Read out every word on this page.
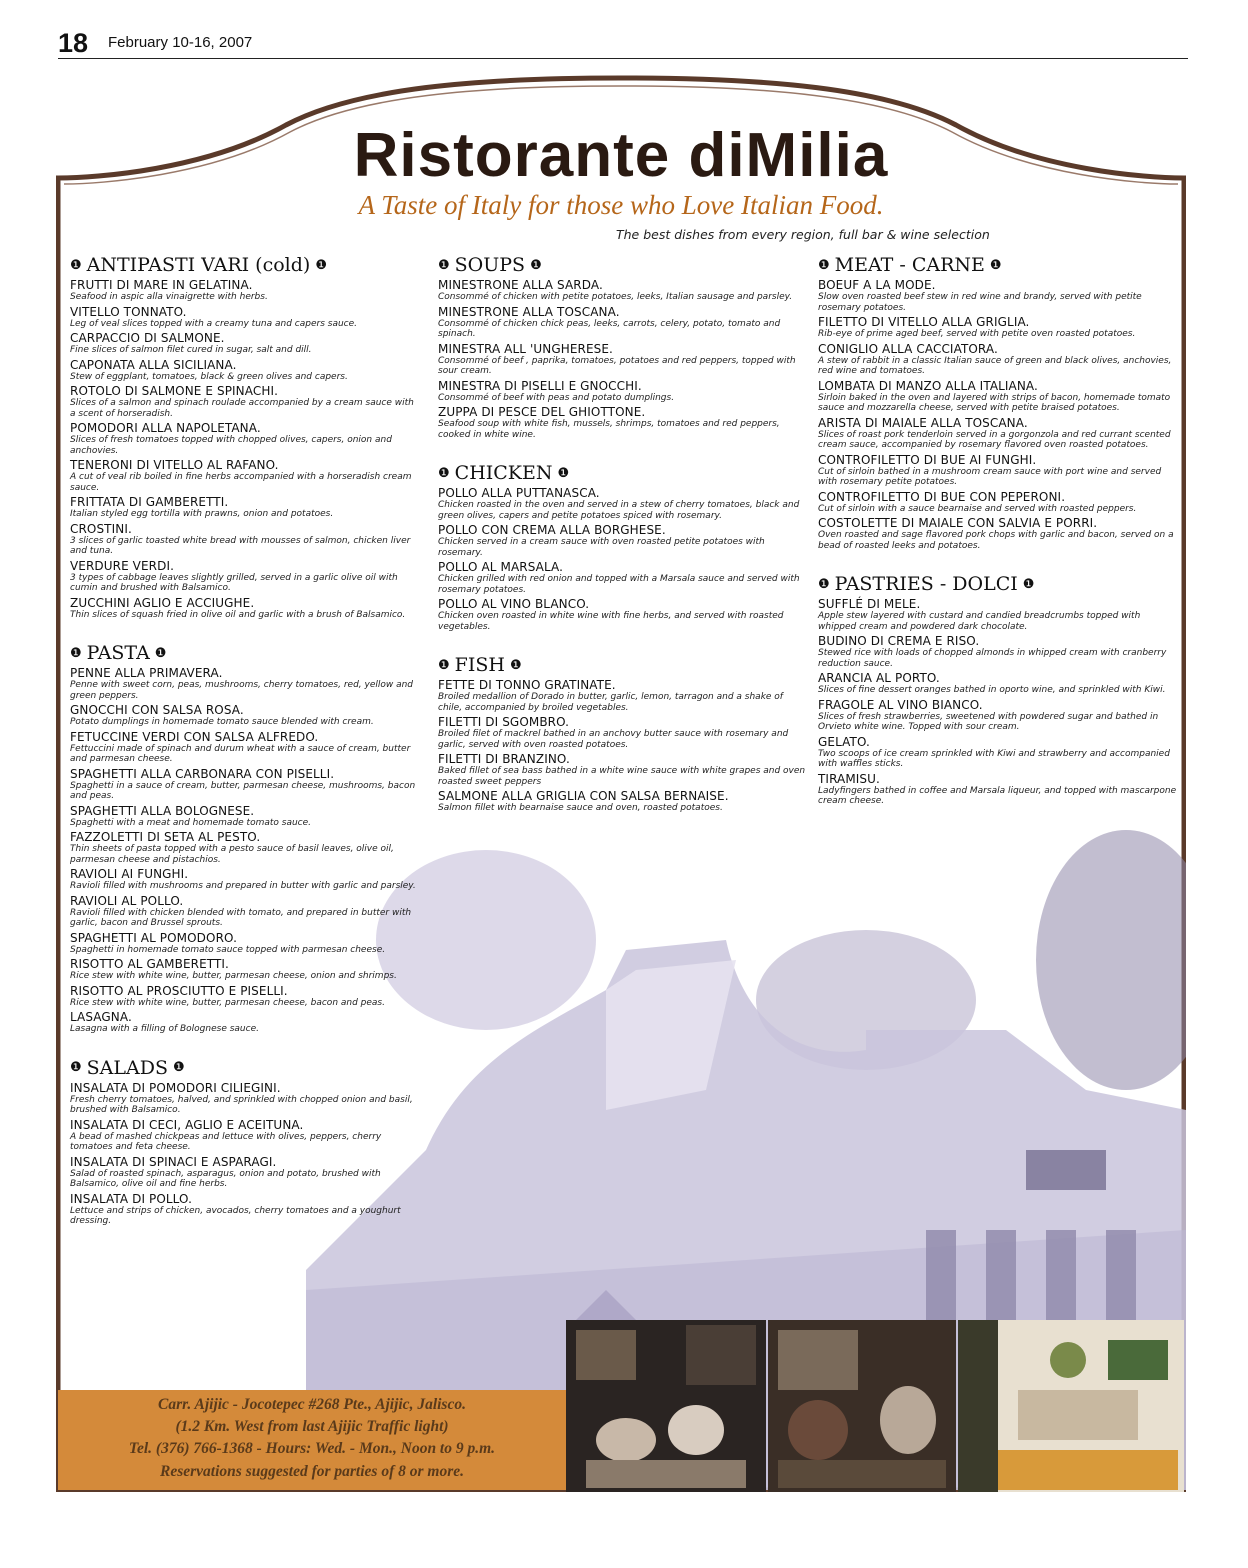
18 February 10-16, 2007
Ristorante diMilia
A Taste of Italy for those who Love Italian Food.
The best dishes from every region, full bar & wine selection
❶ ANTIPASTI VARI (cold) ❶
FRUTTI DI MARE IN GELATINA.
Seafood in aspic alla vinaigrette with herbs.
VITELLO TONNATO.
Leg of veal slices topped with a creamy tuna and capers sauce.
CARPACCIO DI SALMONE.
Fine slices of salmon filet cured in sugar, salt and dill.
CAPONATA ALLA SICILIANA.
Stew of eggplant, tomatoes, black & green olives and capers.
ROTOLO DI SALMONE E SPINACHI.
Slices of a salmon and spinach roulade accompanied by a cream sauce with a scent of horseradish.
POMODORI ALLA NAPOLETANA.
Slices of fresh tomatoes topped with chopped olives, capers, onion and anchovies.
TENERONI DI VITELLO AL RAFANO.
A cut of veal rib boiled in fine herbs accompanied with a horseradish cream sauce.
FRITTATA DI GAMBERETTI.
Italian styled egg tortilla with prawns, onion and potatoes.
CROSTINI.
3 slices of garlic toasted white bread with mousses of salmon, chicken liver and tuna.
VERDURE VERDI.
3 types of cabbage leaves slightly grilled, served in a garlic olive oil with cumin and brushed with Balsamico.
ZUCCHINI AGLIO E ACCIUGHE.
Thin slices of squash fried in olive oil and garlic with a brush of Balsamico.
❶ PASTA ❶
PENNE ALLA PRIMAVERA.
Penne with sweet corn, peas, mushrooms, cherry tomatoes, red, yellow and green peppers.
GNOCCHI CON SALSA ROSA.
Potato dumplings in homemade tomato sauce blended with cream.
FETUCCINE VERDI CON SALSA ALFREDO.
Fettuccini made of spinach and durum wheat with a sauce of cream, butter and parmesan cheese.
SPAGHETTI ALLA CARBONARA CON PISELLI.
Spaghetti in a sauce of cream, butter, parmesan cheese, mushrooms, bacon and peas.
SPAGHETTI ALLA BOLOGNESE.
Spaghetti with a meat and homemade tomato sauce.
FAZZOLETTI DI SETA AL PESTO.
Thin sheets of pasta topped with a pesto sauce of basil leaves, olive oil, parmesan cheese and pistachios.
RAVIOLI AI FUNGHI.
Ravioli filled with mushrooms and prepared in butter with garlic and parsley.
RAVIOLI AL POLLO.
Ravioli filled with chicken blended with tomato, and prepared in butter with garlic, bacon and Brussel sprouts.
SPAGHETTI AL POMODORO.
Spaghetti in homemade tomato sauce topped with parmesan cheese.
RISOTTO AL GAMBERETTI.
Rice stew with white wine, butter, parmesan cheese, onion and shrimps.
RISOTTO AL PROSCIUTTO E PISELLI.
Rice stew with white wine, butter, parmesan cheese, bacon and peas.
LASAGNA.
Lasagna with a filling of Bolognese sauce.
❶ SALADS ❶
INSALATA DI POMODORI CILIEGINI.
Fresh cherry tomatoes, halved, and sprinkled with chopped onion and basil, brushed with Balsamico.
INSALATA DI CECI, AGLIO E ACEITUNA.
A bead of mashed chickpeas and lettuce with olives, peppers, cherry tomatoes and feta cheese.
INSALATA DI SPINACI E ASPARAGI.
Salad of roasted spinach, asparagus, onion and potato, brushed with Balsamico, olive oil and fine herbs.
INSALATA DI POLLO.
Lettuce and strips of chicken, avocados, cherry tomatoes and a youghurt dressing.
❶ SOUPS ❶
MINESTRONE ALLA SARDA.
Consommé of chicken with petite potatoes, leeks, Italian sausage and parsley.
MINESTRONE ALLA TOSCANA.
Consommé of chicken chick peas, leeks, carrots, celery, potato, tomato and spinach.
MINESTRA ALL 'UNGHERESE.
Consommé of beef , paprika, tomatoes, potatoes and red peppers, topped with sour cream.
MINESTRA DI PISELLI E GNOCCHI.
Consommé of beef with peas and potato dumplings.
ZUPPA DI PESCE DEL GHIOTTONE.
Seafood soup with white fish, mussels, shrimps, tomatoes and red peppers, cooked in white wine.
❶ CHICKEN ❶
POLLO ALLA PUTTANASCA.
Chicken roasted in the oven and served in a stew of cherry tomatoes, black and green olives, capers and petite potatoes spiced with rosemary.
POLLO CON CREMA ALLA BORGHESE.
Chicken served in a cream sauce with oven roasted petite potatoes with rosemary.
POLLO AL MARSALA.
Chicken grilled with red onion and topped with a Marsala sauce and served with rosemary potatoes.
POLLO AL VINO BLANCO.
Chicken oven roasted in white wine with fine herbs, and served with roasted vegetables.
❶ FISH ❶
FETTE DI TONNO GRATINATE.
Broiled medallion of Dorado in butter, garlic, lemon, tarragon and a shake of chile, accompanied by broiled vegetables.
FILETTI DI SGOMBRO.
Broiled filet of mackrel bathed in an anchovy butter sauce with rosemary and garlic, served with oven roasted potatoes.
FILETTI DI BRANZINO.
Baked fillet of sea bass bathed in a white wine sauce with white grapes and oven roasted sweet peppers
SALMONE ALLA GRIGLIA CON SALSA BERNAISE.
Salmon fillet with bearnaise sauce and oven, roasted potatoes.
❶ MEAT - CARNE ❶
BOEUF A LA MODE.
Slow oven roasted beef stew in red wine and brandy, served with petite rosemary potatoes.
FILETTO DI VITELLO ALLA GRIGLIA.
Rib-eye of prime aged beef, served with petite oven roasted potatoes.
CONIGLIO ALLA CACCIATORA.
A stew of rabbit in a classic Italian sauce of green and black olives, anchovies, red wine and tomatoes.
LOMBATA DI MANZO ALLA ITALIANA.
Sirloin baked in the oven and layered with strips of bacon, homemade tomato sauce and mozzarella cheese, served with petite braised potatoes.
ARISTA DI MAIALE ALLA TOSCANA.
Slices of roast pork tenderloin served in a gorgonzola and red currant scented cream sauce, accompanied by rosemary flavored oven roasted potatoes.
CONTROFILETTO DI BUE AI FUNGHI.
Cut of sirloin bathed in a mushroom cream sauce with port wine and served with rosemary petite potatoes.
CONTROFILETTO DI BUE CON PEPERONI.
Cut of sirloin with a sauce bearnaise and served with roasted peppers.
COSTOLETTE DI MAIALE CON SALVIA E PORRI.
Oven roasted and sage flavored pork chops with garlic and bacon, served on a bead of roasted leeks and potatoes.
❶ PASTRIES - DOLCI ❶
SUFFLÉ DI MELE.
Apple stew layered with custard and candied breadcrumbs topped with whipped cream and powdered dark chocolate.
BUDINO DI CREMA E RISO.
Stewed rice with loads of chopped almonds in whipped cream with cranberry reduction sauce.
ARANCIA AL PORTO.
Slices of fine dessert oranges bathed in oporto wine, and sprinkled with Kiwi.
FRAGOLE AL VINO BIANCO.
Slices of fresh strawberries, sweetened with powdered sugar and bathed in Orvieto white wine. Topped with sour cream.
GELATO.
Two scoops of ice cream sprinkled with Kiwi and strawberry and accompanied with waffles sticks.
TIRAMISU.
Ladyfingers bathed in coffee and Marsala liqueur, and topped with mascarpone cream cheese.
Carr. Ajijic - Jocotepec #268 Pte., Ajijic, Jalisco.
(1.2 Km. West from last Ajijic Traffic light)
Tel. (376) 766-1368 - Hours: Wed. - Mon., Noon to 9 p.m.
Reservations suggested for parties of 8 or more.
